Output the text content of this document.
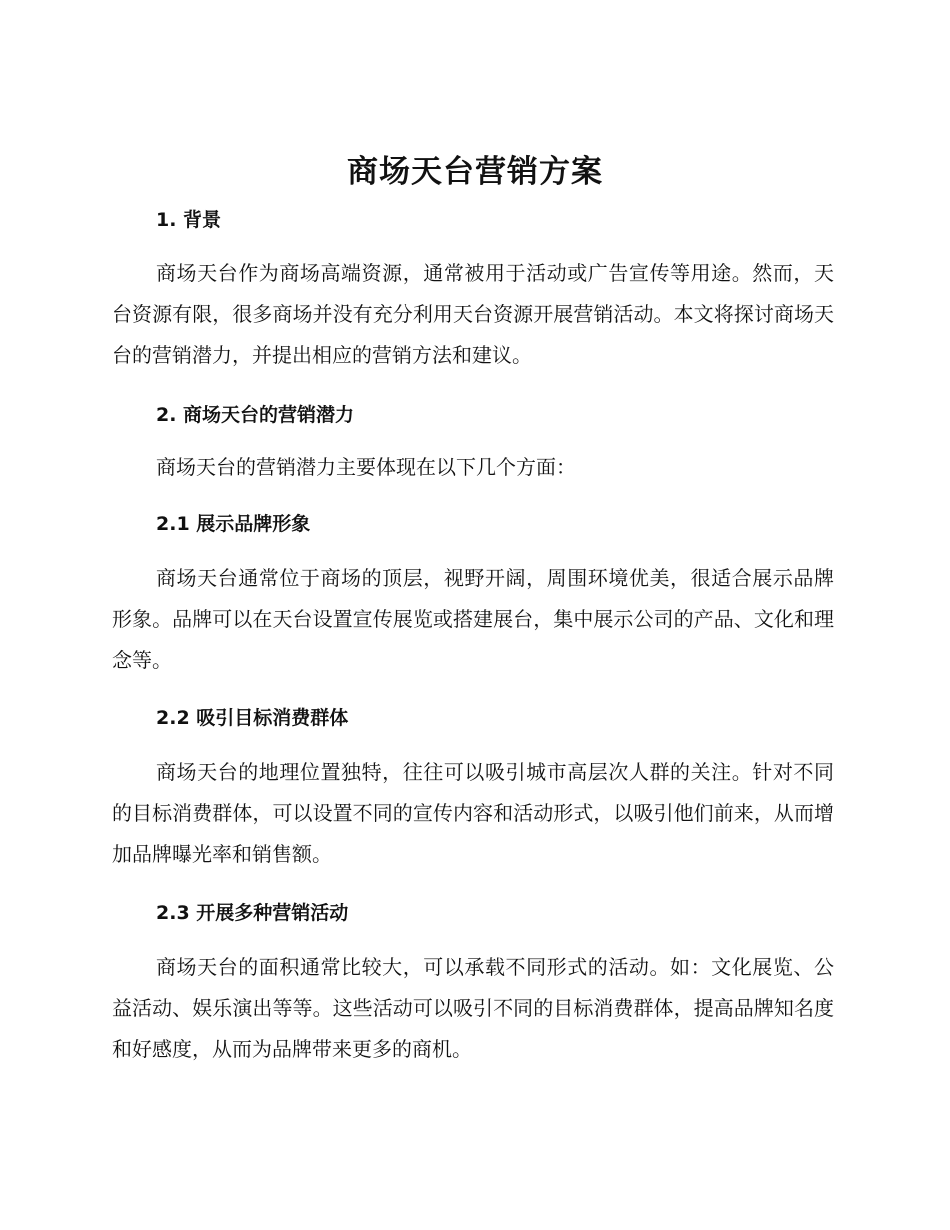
商场天台营销方案
1. 背景

商场天台作为商场高端资源，通常被用于活动或广告宣传等用途。然而，天台资源有限，很多商场并没有充分利用天台资源开展营销活动。本文将探讨商场天台的营销潜力，并提出相应的营销方法和建议。

2. 商场天台的营销潜力

商场天台的营销潜力主要体现在以下几个方面：

2.1 展示品牌形象

商场天台通常位于商场的顶层，视野开阔，周围环境优美，很适合展示品牌形象。品牌可以在天台设置宣传展览或搭建展台，集中展示公司的产品、文化和理念等。

2.2 吸引目标消费群体

商场天台的地理位置独特，往往可以吸引城市高层次人群的关注。针对不同的目标消费群体，可以设置不同的宣传内容和活动形式，以吸引他们前来，从而增加品牌曝光率和销售额。

2.3 开展多种营销活动

商场天台的面积通常比较大，可以承载不同形式的活动。如：文化展览、公益活动、娱乐演出等等。这些活动可以吸引不同的目标消费群体，提高品牌知名度和好感度，从而为品牌带来更多的商机。
